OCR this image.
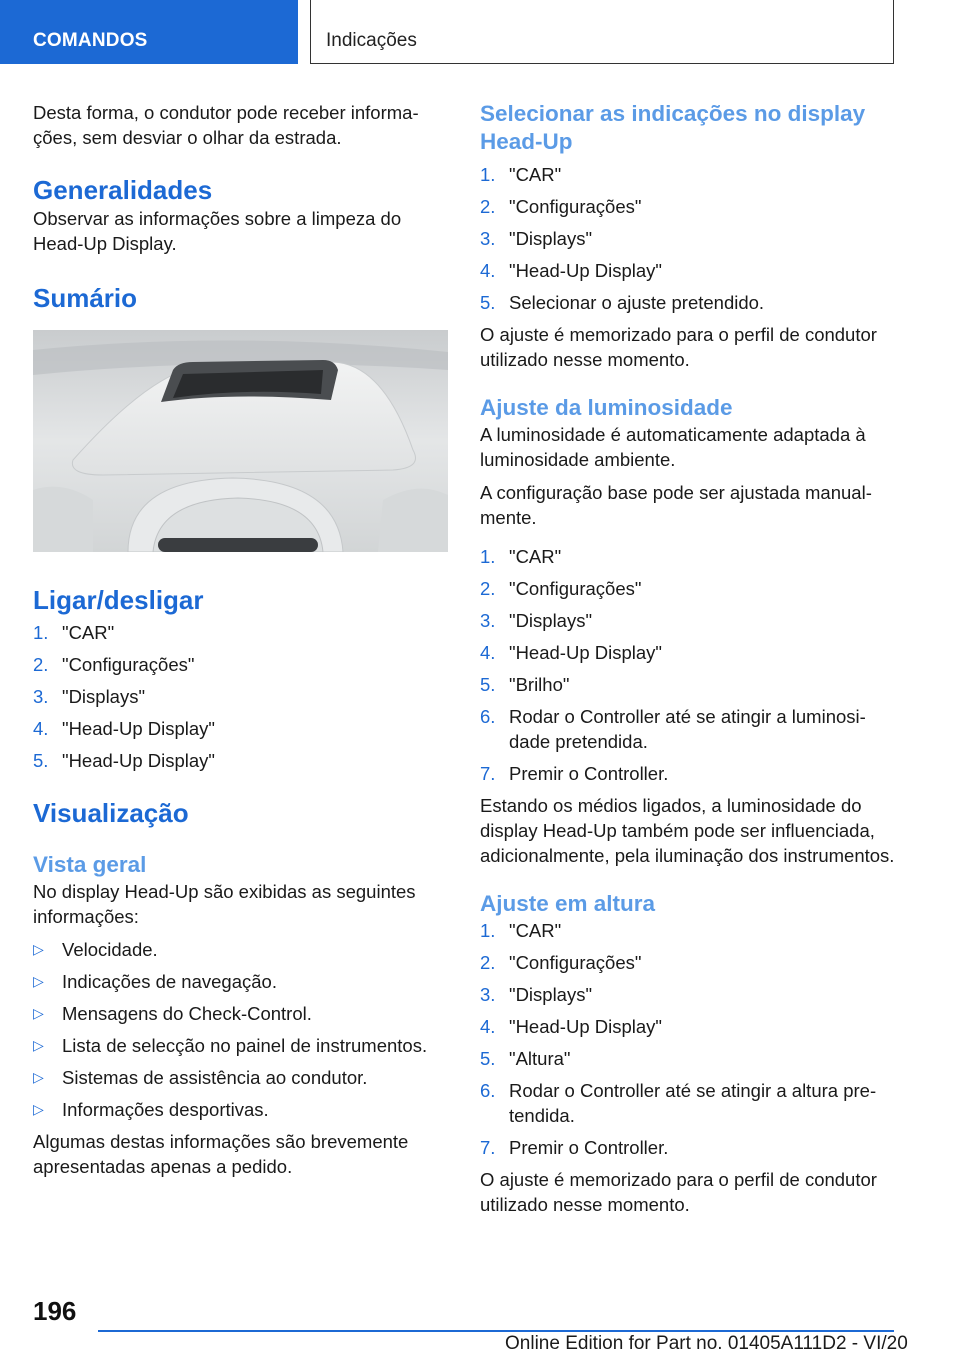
COMANDOS	Indicações

Desta forma, o condutor pode receber informações, sem desviar o olhar da estrada.

Generalidades

Observar as informações sobre a limpeza do Head-Up Display.

Sumário
Ligar/desligar
1. "CAR"
2. "Configurações"
3. "Displays"
4. "Head-Up Display"
5. "Head-Up Display"
Visualização
Vista geral

No display Head-Up são exibidas as seguintes informações:

▷ Velocidade.
▷ Indicações de navegação.
▷ Mensagens do Check-Control.
▷ Lista de selecção no painel de instrumentos.
▷ Sistemas de assistência ao condutor.
▷ Informações desportivas.

Algumas destas informações são brevemente apresentadas apenas a pedido.

Selecionar as indicações no display Head-Up
1. "CAR"
2. "Configurações"
3. "Displays"
4. "Head-Up Display"
5. Selecionar o ajuste pretendido.

O ajuste é memorizado para o perfil de condutor utilizado nesse momento.

Ajuste da luminosidade

A luminosidade é automaticamente adaptada à luminosidade ambiente.

A configuração base pode ser ajustada manualmente.

1. "CAR"
2. "Configurações"
3. "Displays"
4. "Head-Up Display"
5. "Brilho"
6. Rodar o Controller até se atingir a luminosidade pretendida.
7. Premir o Controller.

Estando os médios ligados, a luminosidade do display Head-Up também pode ser influenciada, adicionalmente, pela iluminação dos instrumentos.

Ajuste em altura
1. "CAR"
2. "Configurações"
3. "Displays"
4. "Head-Up Display"
5. "Altura"
6. Rodar o Controller até se atingir a altura pretendida.
7. Premir o Controller.

O ajuste é memorizado para o perfil de condutor utilizado nesse momento.

196
Online Edition for Part no. 01405A111D2 - VI/20
